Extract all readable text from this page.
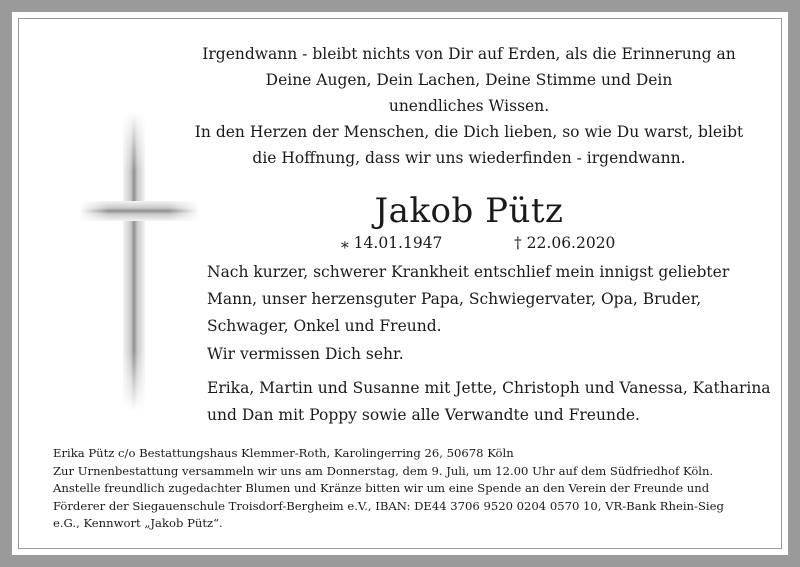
Irgendwann - bleibt nichts von Dir auf Erden, als die Erinnerung an
Deine Augen, Dein Lachen, Deine Stimme und Dein
unendliches Wissen.
In den Herzen der Menschen, die Dich lieben, so wie Du warst, bleibt
die Hoffnung, dass wir uns wiederfinden - irgendwann.
Jakob Pütz
⁎ 14.01.1947	† 22.06.2020
Nach kurzer, schwerer Krankheit entschlief mein innigst geliebter
Mann, unser herzensguter Papa, Schwiegervater, Opa, Bruder,
Schwager, Onkel und Freund.
Wir vermissen Dich sehr.
Erika, Martin und Susanne mit Jette, Christoph und Vanessa, Katharina
und Dan mit Poppy sowie alle Verwandte und Freunde.
Erika Pütz c/o Bestattungshaus Klemmer-Roth, Karolingerring 26, 50678 Köln
Zur Urnenbestattung versammeln wir uns am Donnerstag, dem 9. Juli, um 12.00 Uhr auf dem Südfriedhof Köln.
Anstelle freundlich zugedachter Blumen und Kränze bitten wir um eine Spende an den Verein der Freunde und
Förderer der Siegauenschule Troisdorf-Bergheim e.V., IBAN: DE44 3706 9520 0204 0570 10, VR-Bank Rhein-Sieg
e.G., Kennwort „Jakob Pütz“.
